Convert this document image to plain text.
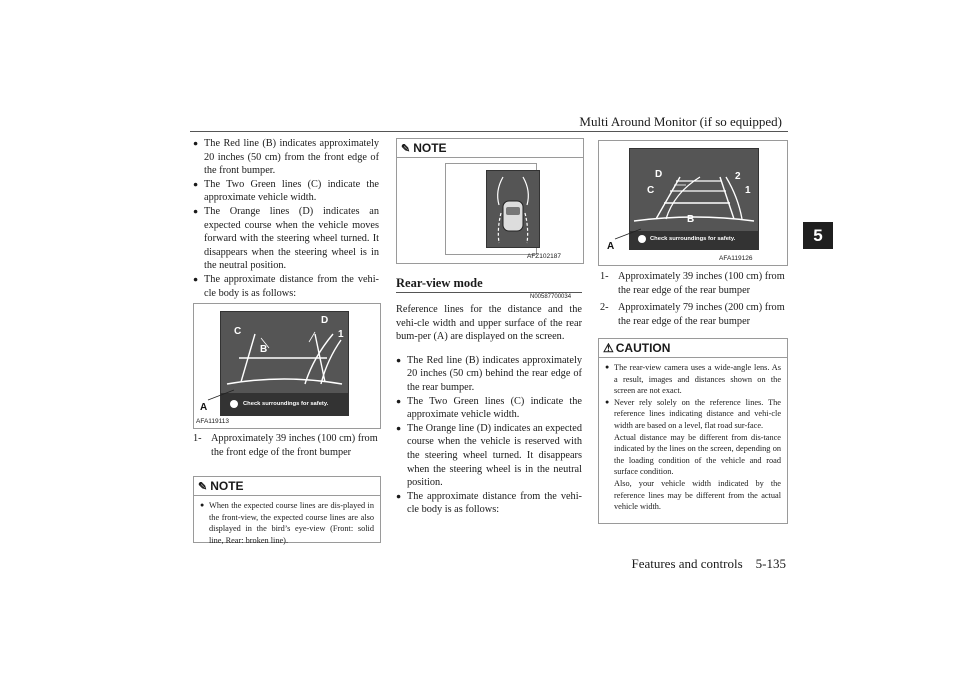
Multi Around Monitor (if so equipped)
5

● The Red line (B) indicates approximately 20 inches (50 cm) from the front edge of the front bumper.

● The Two Green lines (C) indicate the approximate vehicle width.

● The Orange lines (D) indicates an expected course when the vehicle moves forward with the steering wheel turned. It disappears when the steering wheel is in the neutral position.

● The approximate distance from the vehi-cle body is as follows:

Check surroundings for safety.
A
B
C
D
1
AFA119113

1- Approximately 39 inches (100 cm) from the front edge of the front bumper

✎ NOTE

● When the expected course lines are dis-played in the front-view, the expected course lines are also displayed in the bird’s eye-view (Front: solid line, Rear: broken line).

✎ NOTE
AFZ102187
Rear-view mode
N00587700034

Reference lines for the distance and the vehi-cle width and upper surface of the rear bum-per (A) are displayed on the screen.

● The Red line (B) indicates approximately 20 inches (50 cm) behind the rear edge of the rear bumper.

● The Two Green lines (C) indicate the approximate vehicle width.

● The Orange line (D) indicates an expected course when the vehicle is reserved with the steering wheel turned. It disappears when the steering wheel is in the neutral position.

● The approximate distance from the vehi-cle body is as follows:

Check surroundings for safety.
A
B
C
D
1
2
AFA119126

1- Approximately 39 inches (100 cm) from the rear edge of the rear bumper

2- Approximately 79 inches (200 cm) from the rear edge of the rear bumper

⚠ CAUTION

● The rear-view camera uses a wide-angle lens. As a result, images and distances shown on the screen are not exact.

● Never rely solely on the reference lines. The reference lines indicating distance and vehi-cle width are based on a level, flat road sur-face.

Actual distance may be different from dis-tance indicated by the lines on the screen, depending on the loading condition of the vehicle and road surface condition.

Also, your vehicle width indicated by the reference lines may be different from the actual vehicle width.

Features and controls    5-135
